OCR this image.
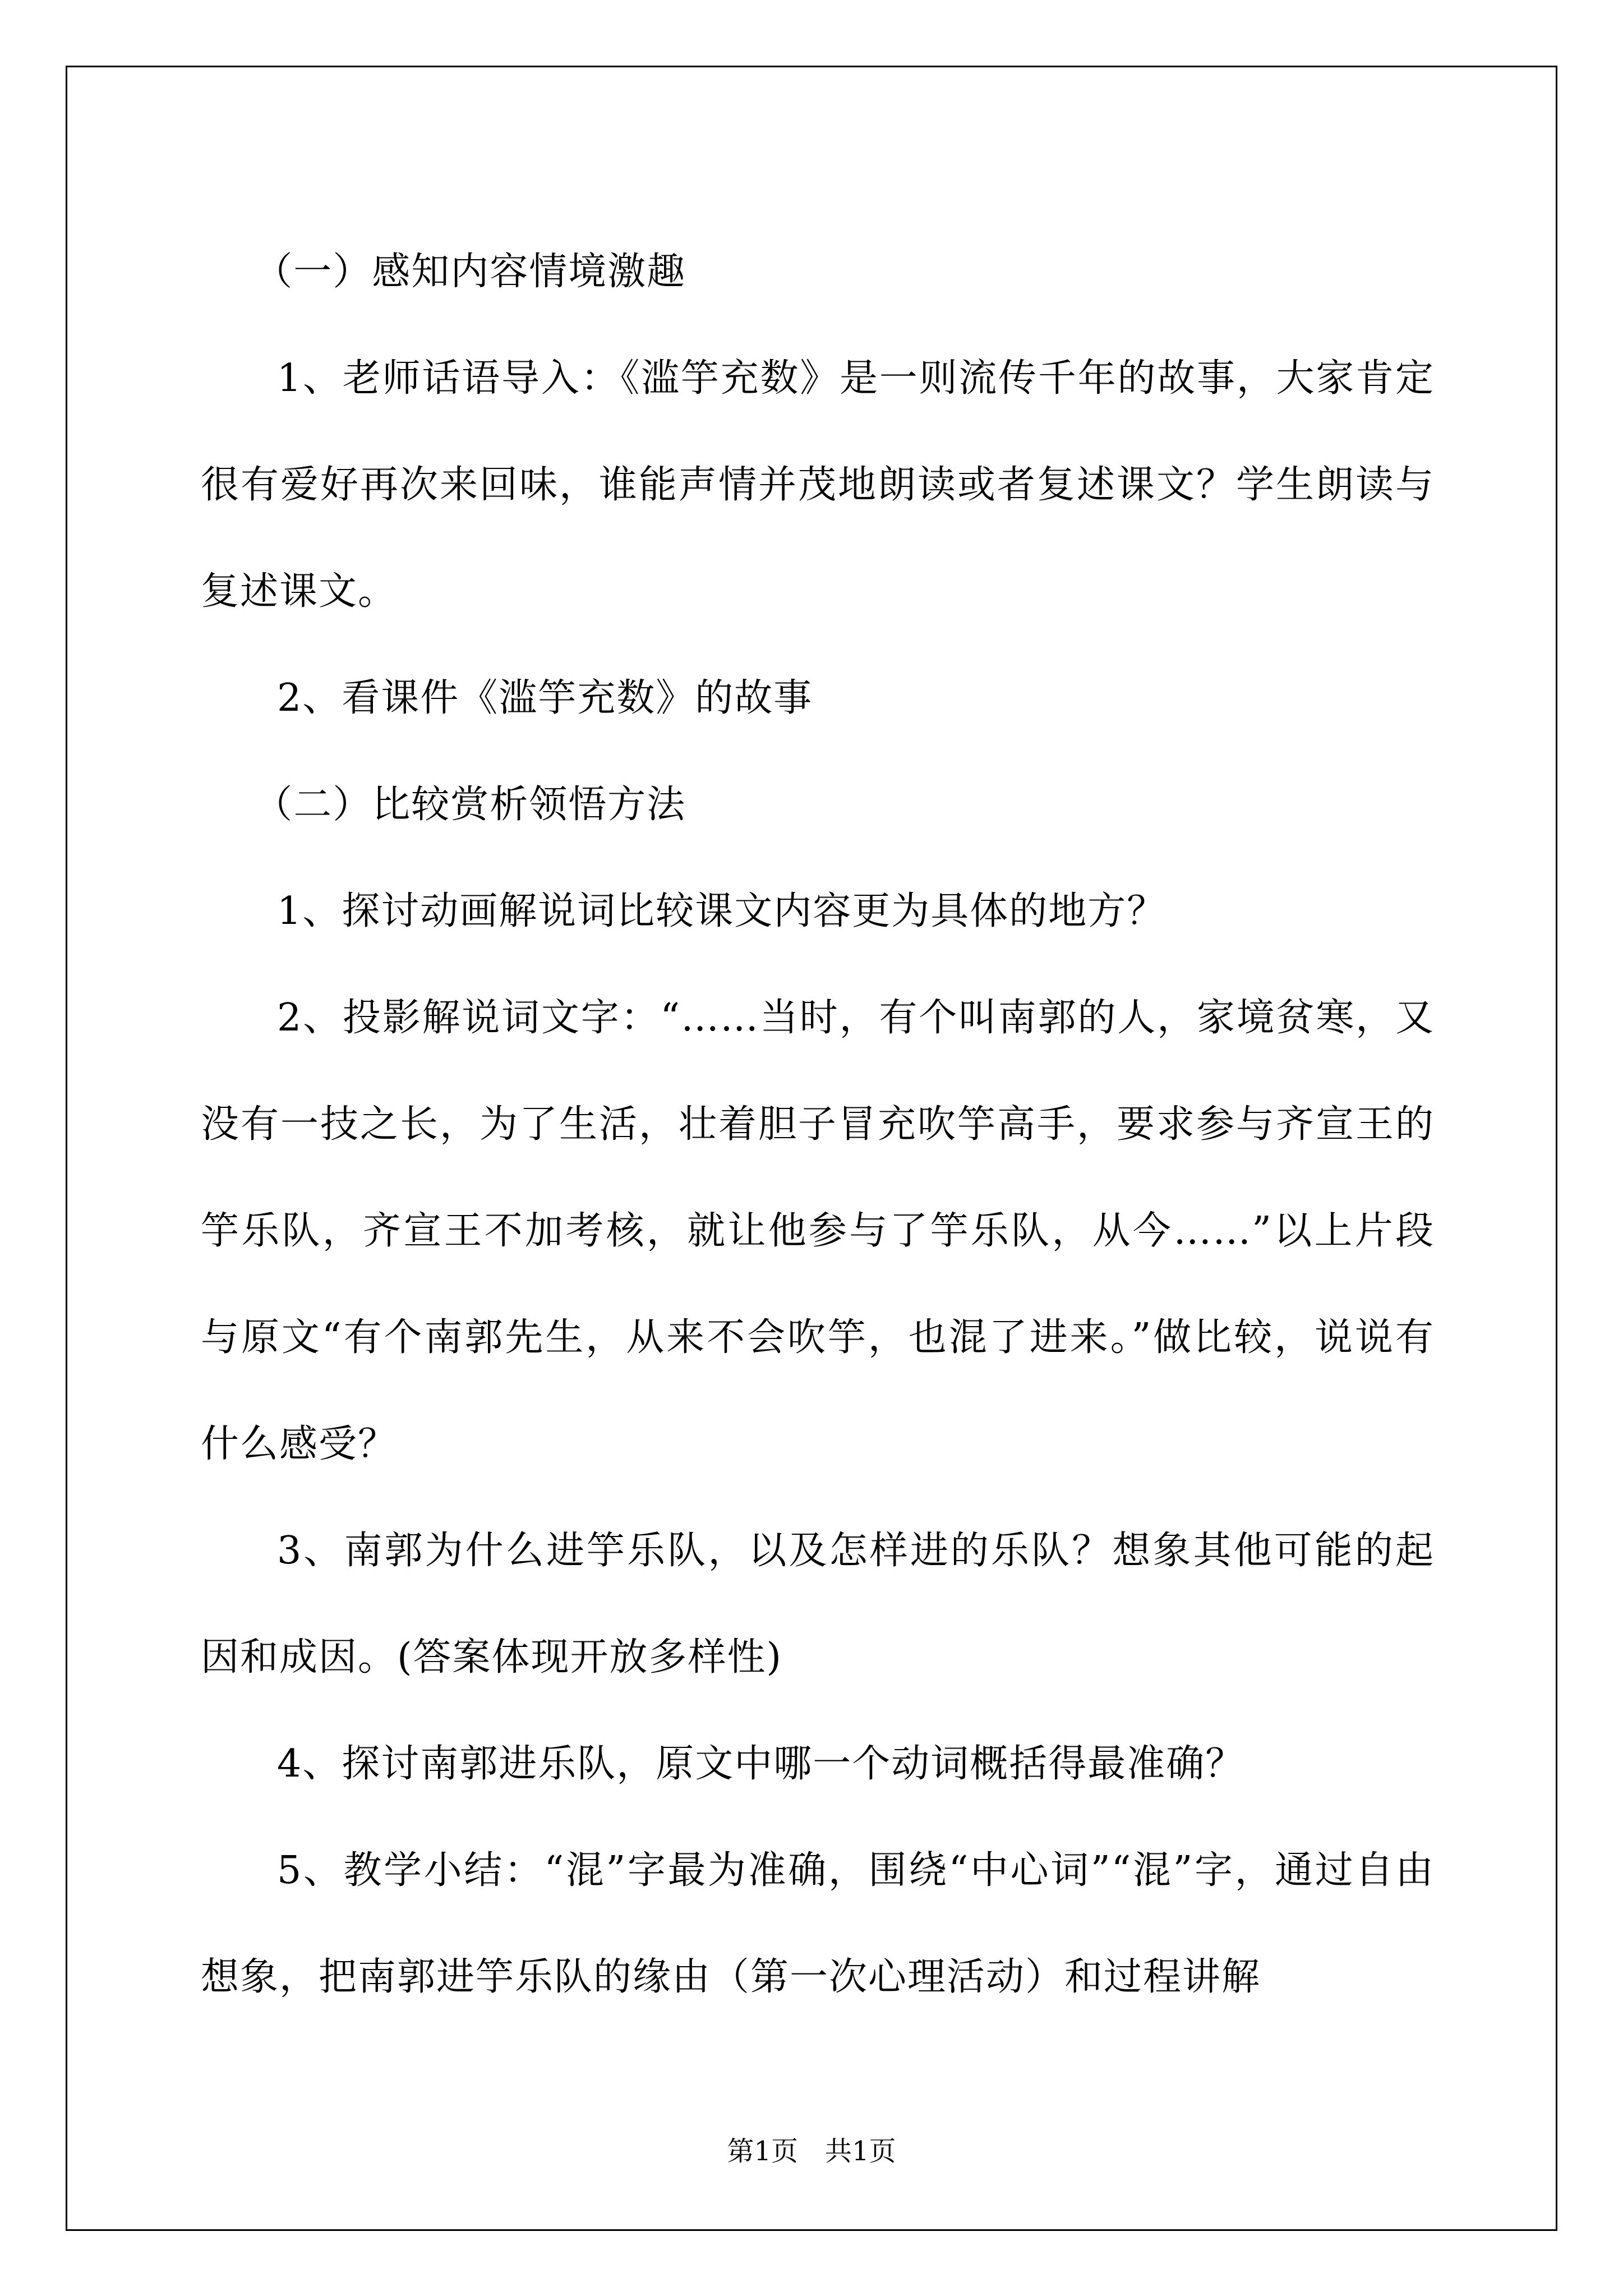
（一）感知内容情境激趣

1、老师话语导入：《滥竽充数》是一则流传千年的故事，大家肯定很有爱好再次来回味，谁能声情并茂地朗读或者复述课文？学生朗读与复述课文。

2、看课件《滥竽充数》的故事

（二）比较赏析领悟方法

1、探讨动画解说词比较课文内容更为具体的地方？

2、投影解说词文字：“……当时，有个叫南郭的人，家境贫寒，又没有一技之长，为了生活，壮着胆子冒充吹竽高手，要求参与齐宣王的竽乐队，齐宣王不加考核，就让他参与了竽乐队，从今……”以上片段与原文“有个南郭先生，从来不会吹竽，也混了进来。”做比较，说说有什么感受？

3、南郭为什么进竽乐队，以及怎样进的乐队？想象其他可能的起因和成因。(答案体现开放多样性)

4、探讨南郭进乐队，原文中哪一个动词概括得最准确？

5、教学小结：“混”字最为准确，围绕“中心词”“混”字，通过自由想象，把南郭进竽乐队的缘由（第一次心理活动）和过程讲解

第1页 共1页
